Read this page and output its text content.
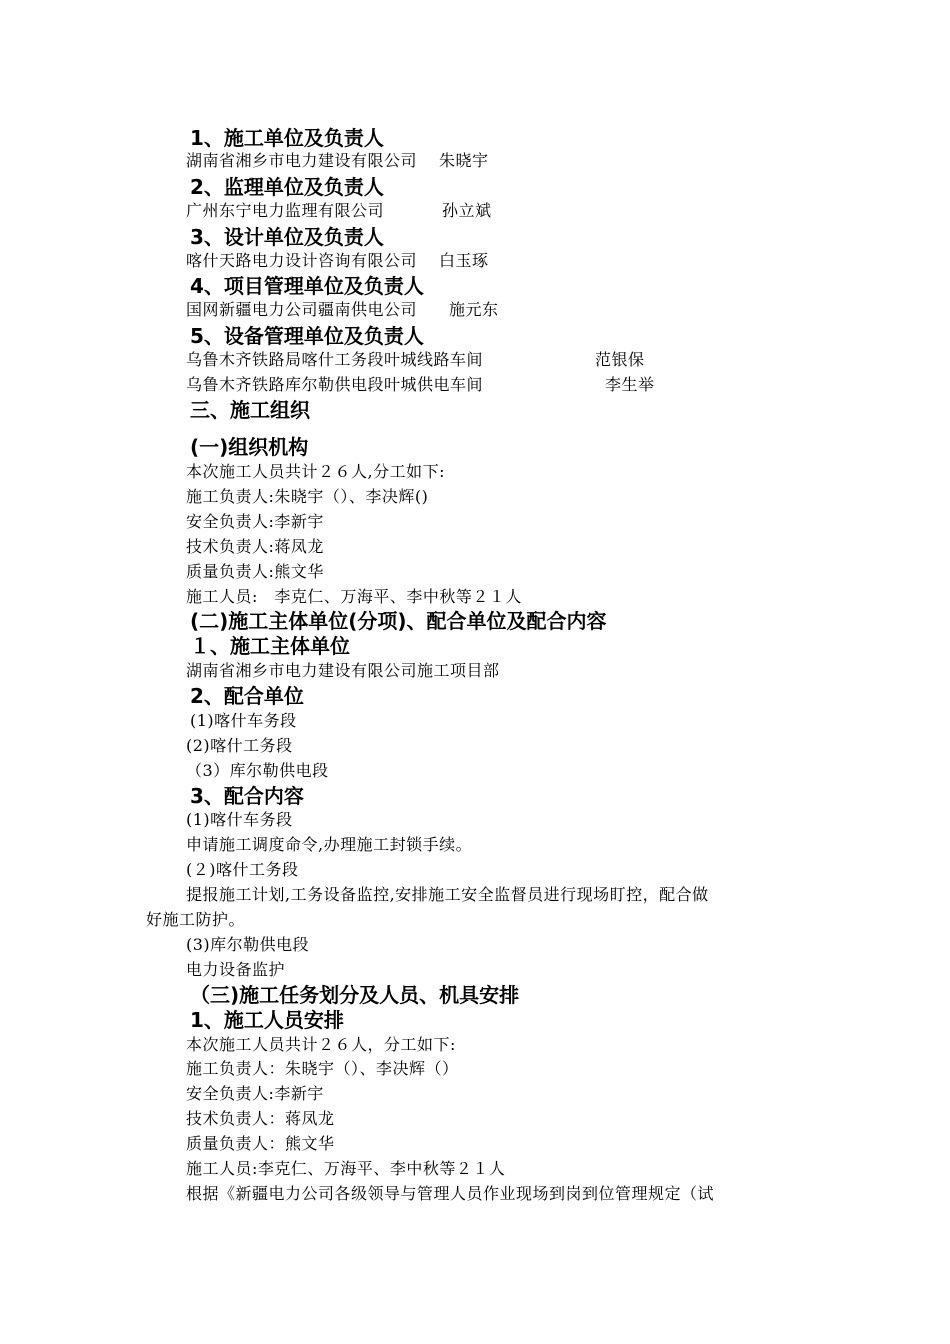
1、施工单位及负责人
湖南省湘乡市电力建设有限公司 朱晓宇
2、监理单位及负责人
广州东宁电力监理有限公司	孙立斌
3、设计单位及负责人
喀什天路电力设计咨询有限公司 白玉琢
4、项目管理单位及负责人
国网新疆电力公司疆南供电公司 施元东
5、设备管理单位及负责人
乌鲁木齐铁路局喀什工务段叶城线路车间	范银保
乌鲁木齐铁路库尔勒供电段叶城供电车间	李生举
三、施工组织
(一)组织机构
本次施工人员共计２６人,分工如下:
施工负责人:朱晓宇（）、李决辉()
安全负责人:李新宇
技术负责人:蒋凤龙
质量负责人:熊文华
施工人员:　李克仁、万海平、李中秋等２１人
(二)施工主体单位(分项)、配合单位及配合内容
１、施工主体单位
湖南省湘乡市电力建设有限公司施工项目部
2、配合单位
(1)喀什车务段
(2)喀什工务段
（3）库尔勒供电段
3、配合内容
(1)喀什车务段
申请施工调度命令,办理施工封锁手续。
(２)喀什工务段
提报施工计划,工务设备监控,安排施工安全监督员进行现场盯控，配合做
好施工防护。
(3)库尔勒供电段
电力设备监护
（三)施工任务划分及人员、机具安排
1、施工人员安排
本次施工人员共计２６人，分工如下:
施工负责人：朱晓宇（）、李决辉（）
安全负责人:李新宇
技术负责人：蒋凤龙
质量负责人：熊文华
施工人员:李克仁、万海平、李中秋等２１人
根据《新疆电力公司各级领导与管理人员作业现场到岗到位管理规定（试
